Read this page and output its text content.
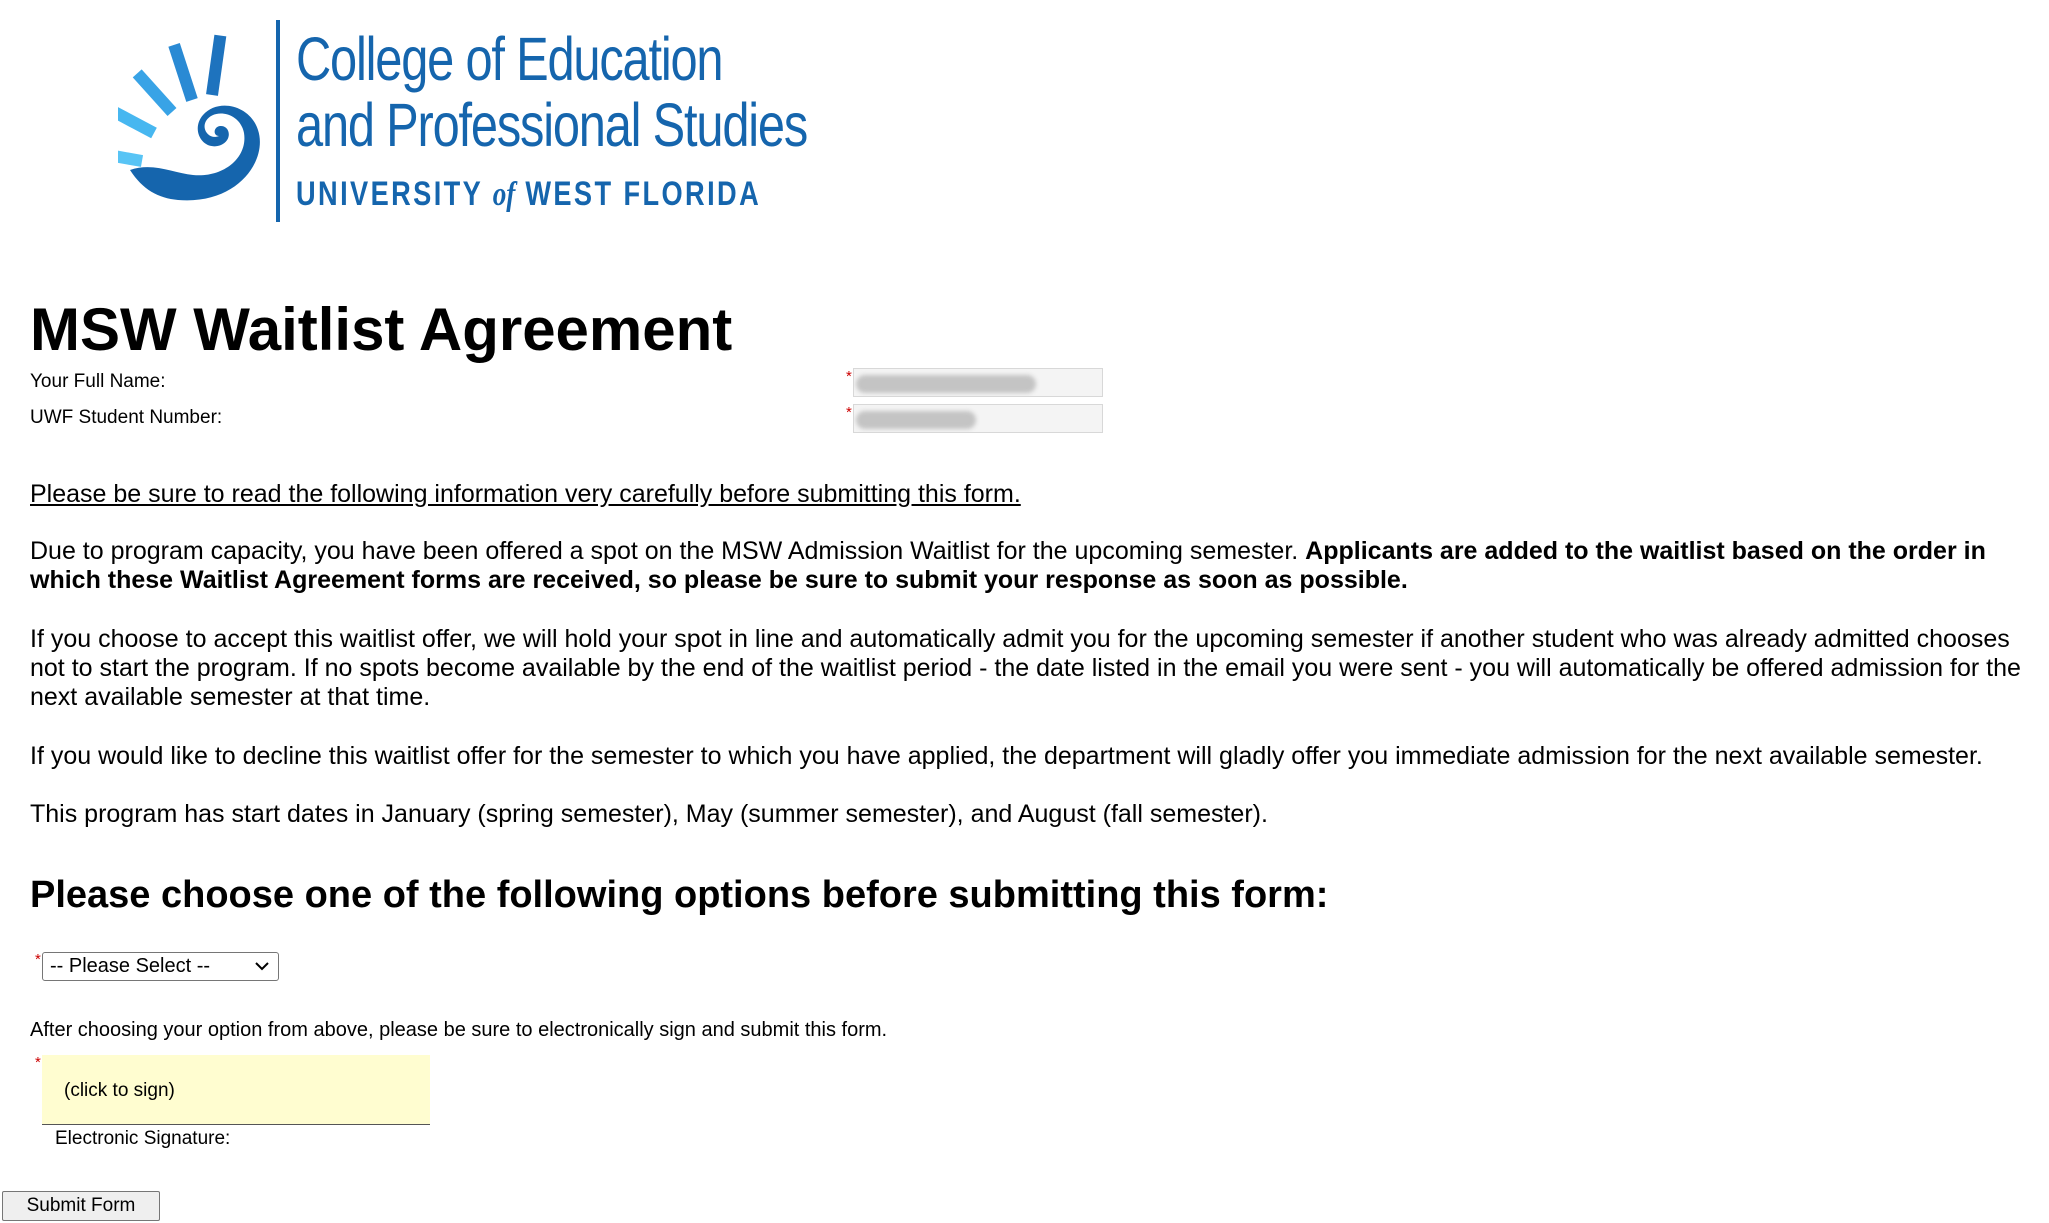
College of Education
and Professional Studies
UNIVERSITY of WEST FLORIDA
MSW Waitlist Agreement
Your Full Name:	*
UWF Student Number:	*

Please be sure to read the following information very carefully before submitting this form.

Due to program capacity, you have been offered a spot on the MSW Admission Waitlist for the upcoming semester. Applicants are added to the waitlist based on the order in which these Waitlist Agreement forms are received, so please be sure to submit your response as soon as possible.

If you choose to accept this waitlist offer, we will hold your spot in line and automatically admit you for the upcoming semester if another student who was already admitted chooses not to start the program. If no spots become available by the end of the waitlist period - the date listed in the email you were sent - you will automatically be offered admission for the next available semester at that time.

If you would like to decline this waitlist offer for the semester to which you have applied, the department will gladly offer you immediate admission for the next available semester.

This program has start dates in January (spring semester), May (summer semester), and August (fall semester).

Please choose one of the following options before submitting this form:
* -- Please Select --
After choosing your option from above, please be sure to electronically sign and submit this form.
*
(click to sign)
Electronic Signature:
Submit Form
